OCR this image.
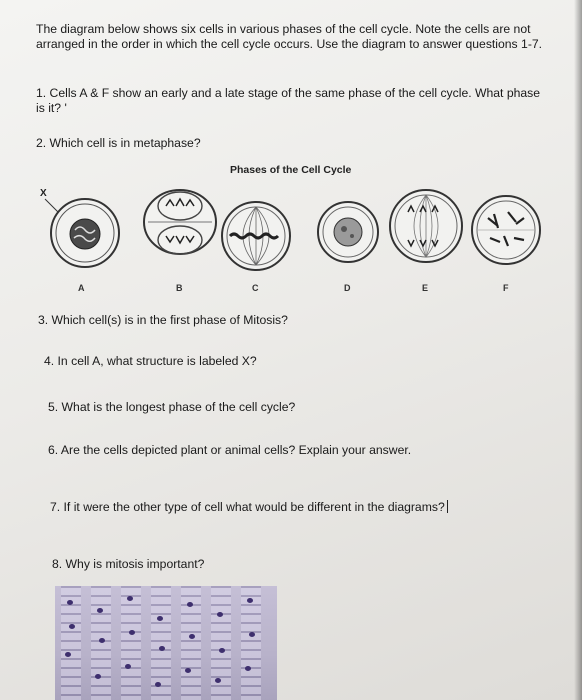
The diagram below shows six cells in various phases of the cell cycle. Note the cells are not arranged in the order in which the cell cycle occurs. Use the diagram to answer questions 1-7.
1. Cells A & F show an early and a late stage of the same phase of the cell cycle. What phase is it? '
2. Which cell is in metaphase?
Phases of the Cell Cycle
X
A	B	C	D	E	F
3. Which cell(s) is in the first phase of Mitosis?
4. In cell A, what structure is labeled X?
5. What is the longest phase of the cell cycle?
6. Are the cells depicted plant or animal cells? Explain your answer.
7. If it were the other type of cell what would be different in the diagrams?
8. Why is mitosis important?
